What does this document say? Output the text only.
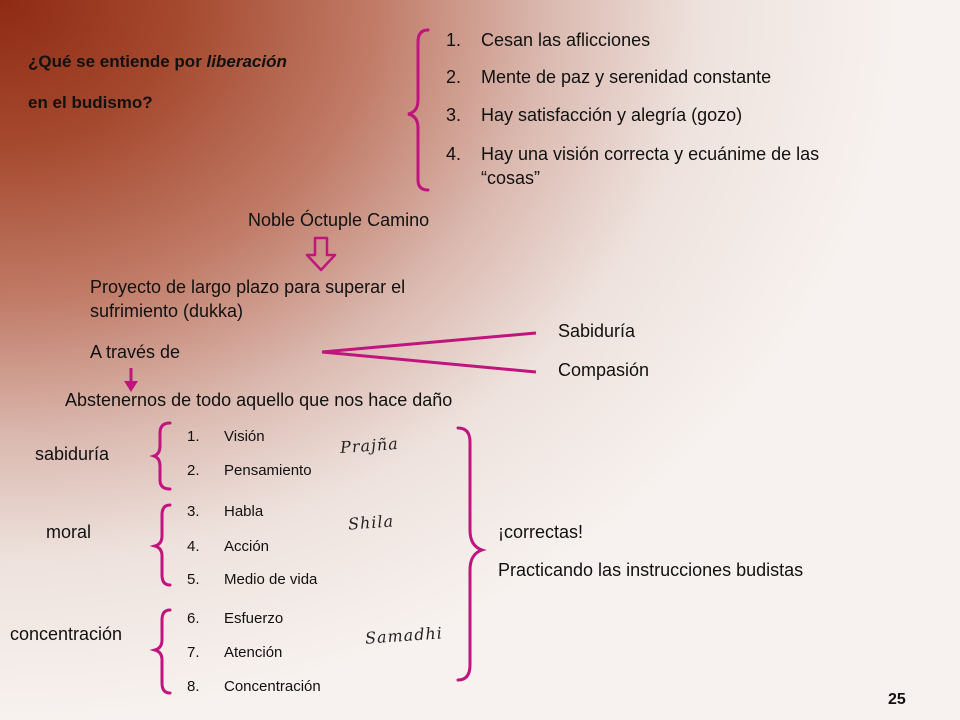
¿Qué se entiende por liberación
en el budismo?
1. Cesan las aflicciones
2. Mente de paz y serenidad constante
3. Hay satisfacción y alegría (gozo)
4. Hay una visión correcta y ecuánime de las
“cosas”
Noble Óctuple Camino
Proyecto de largo plazo para superar el
sufrimiento (dukka)
A través de
Sabiduría
Compasión
Abstenernos de todo aquello que nos hace daño
sabiduría
1. Visión
2. Pensamiento
Prajña
moral
3. Habla
4. Acción
5. Medio de vida
Shila
concentración
6. Esfuerzo
7. Atención
8. Concentración
Samadhi
¡correctas!
Practicando las instrucciones budistas
25
